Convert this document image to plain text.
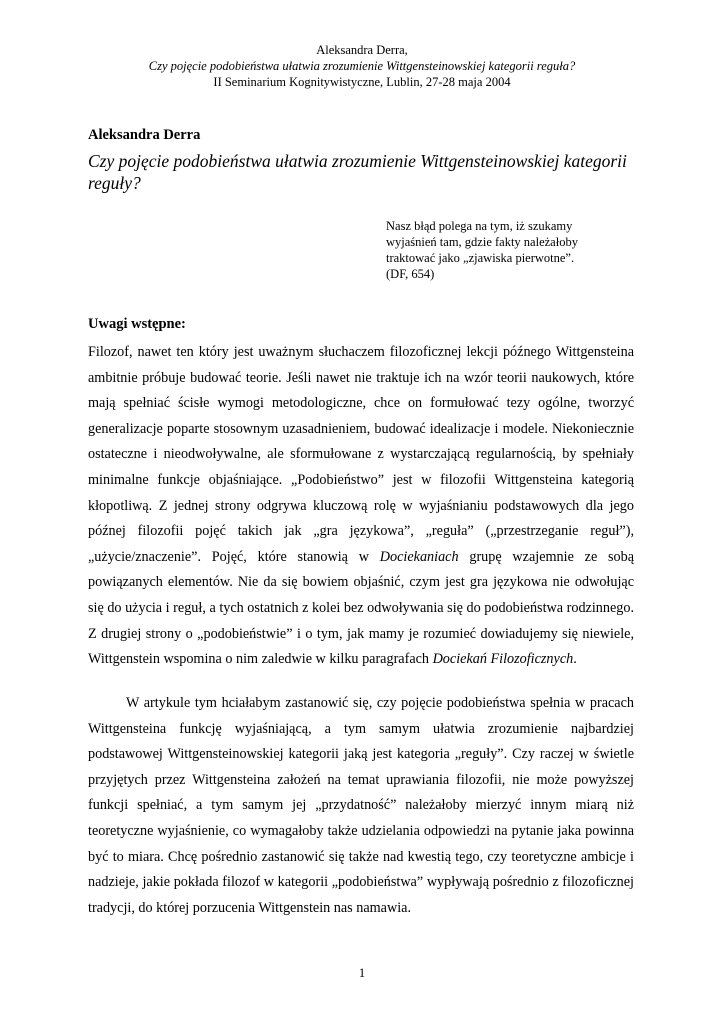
Aleksandra Derra,
Czy pojęcie podobieństwa ułatwia zrozumienie Wittgensteinowskiej kategorii reguła?
II Seminarium Kognitywistyczne, Lublin, 27-28 maja 2004
Aleksandra Derra
Czy pojęcie podobieństwa ułatwia zrozumienie Wittgensteinowskiej kategorii reguły?
Nasz błąd polega na tym, iż szukamy
wyjaśnień tam, gdzie fakty należałoby
traktować jako „zjawiska pierwotne”.
(DF, 654)
Uwagi wstępne:

Filozof, nawet ten który jest uważnym słuchaczem filozoficznej lekcji późnego Wittgensteina ambitnie próbuje budować teorie. Jeśli nawet nie traktuje ich na wzór teorii naukowych, które mają spełniać ścisłe wymogi metodologiczne, chce on formułować tezy ogólne, tworzyć generalizacje poparte stosownym uzasadnieniem, budować idealizacje i modele. Niekoniecznie ostateczne i nieodwoływalne, ale sformułowane z wystarczającą regularnością, by spełniały minimalne funkcje objaśniające. „Podobieństwo” jest w filozofii Wittgensteina kategorią kłopotliwą. Z jednej strony odgrywa kluczową rolę w wyjaśnianiu podstawowych dla jego późnej filozofii pojęć takich jak „gra językowa”, „reguła” („przestrzeganie reguł”), „użycie/znaczenie”. Pojęć, które stanowią w Dociekaniach grupę wzajemnie ze sobą powiązanych elementów. Nie da się bowiem objaśnić, czym jest gra językowa nie odwołując się do użycia i reguł, a tych ostatnich z kolei bez odwoływania się do podobieństwa rodzinnego. Z drugiej strony o „podobieństwie” i o tym, jak mamy je rozumieć dowiadujemy się niewiele, Wittgenstein wspomina o nim zaledwie w kilku paragrafach Dociekań Filozoficznych.

W artykule tym hciałabym zastanowić się, czy pojęcie podobieństwa spełnia w pracach Wittgensteina funkcję wyjaśniającą, a tym samym ułatwia zrozumienie najbardziej podstawowej Wittgensteinowskiej kategorii jaką jest kategoria „reguły”. Czy raczej w świetle przyjętych przez Wittgensteina założeń na temat uprawiania filozofii, nie może powyższej funkcji spełniać, a tym samym jej „przydatność” należałoby mierzyć innym miarą niż teoretyczne wyjaśnienie, co wymagałoby także udzielania odpowiedzi na pytanie jaka powinna być to miara. Chcę pośrednio zastanowić się także nad kwestią tego, czy teoretyczne ambicje i nadzieje, jakie pokłada filozof w kategorii „podobieństwa” wypływają pośrednio z filozoficznej tradycji, do której porzucenia Wittgenstein nas namawia.

1
